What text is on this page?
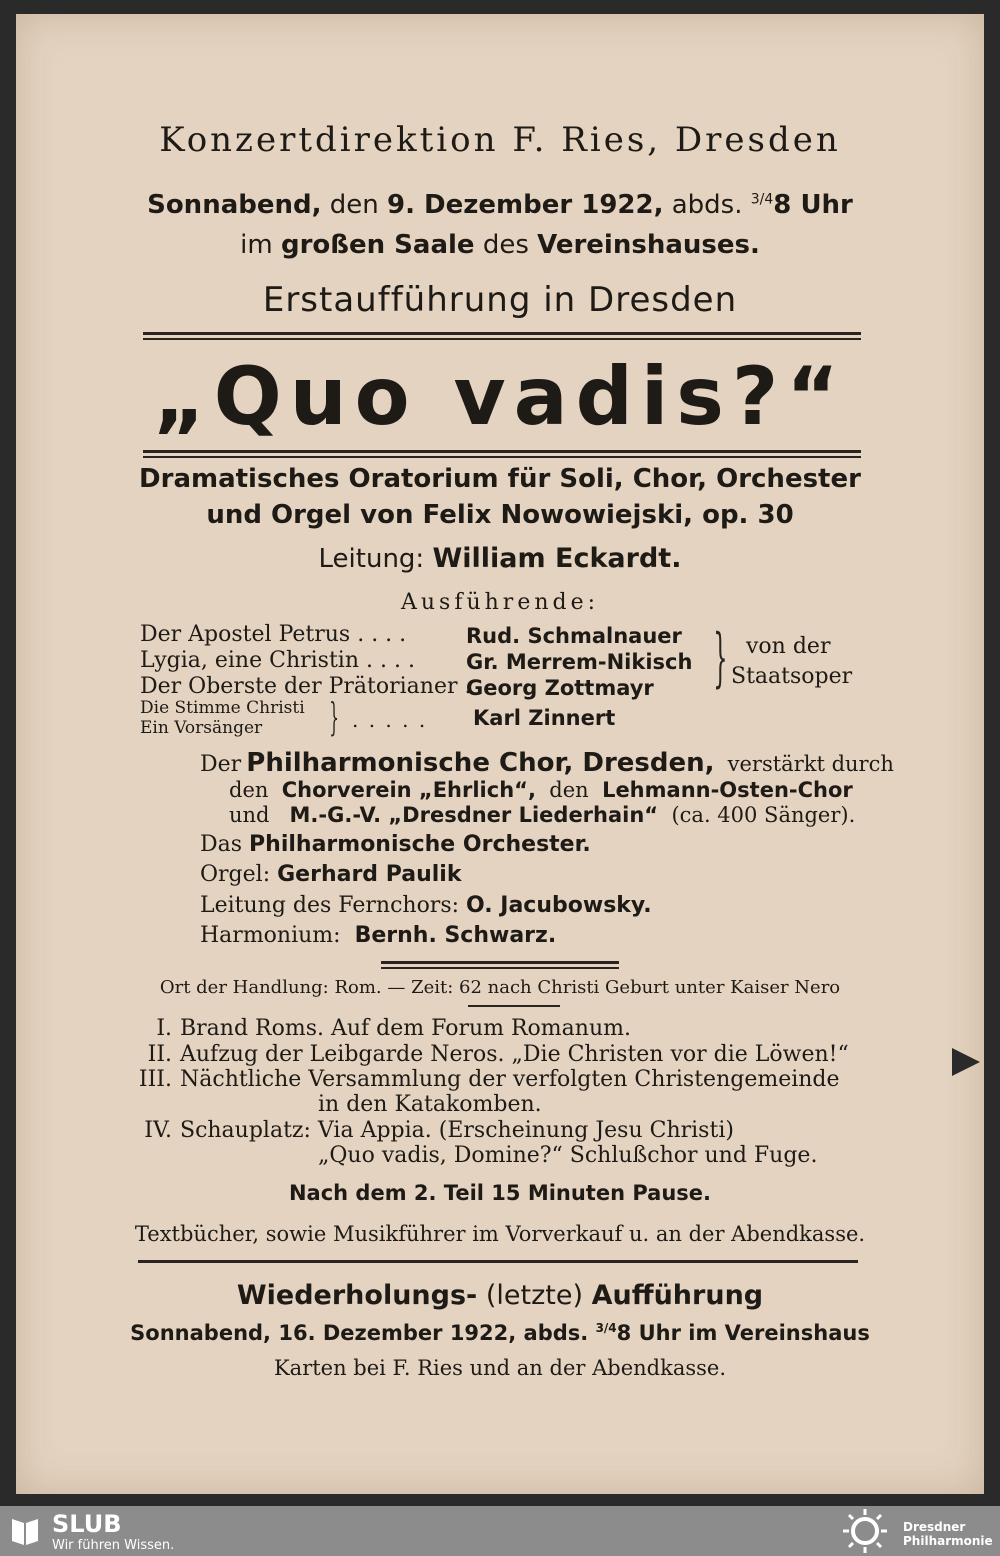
Konzertdirektion F. Ries, Dresden
Sonnabend, den 9. Dezember 1922, abds. $^{3/4}$8 Uhr
im großen Saale des Vereinshauses.
Erstaufführung in Dresden
„Quo vadis?“
Dramatisches Oratorium für Soli, Chor, Orchester
und Orgel von Felix Nowowiejski, op. 30
Leitung: William Eckardt.
Ausführende:
Der Apostel Petrus . . . .	Rud. Schmalnauer
Lygia, eine Christin . . . . Gr. Merrem-Nikisch
Der Oberste der Prätorianer .
Georg Zottmayr } von der
Staatsoper
Die Stimme Christi
Ein Vorsänger } . . . . . Karl Zinnert
Der Philharmonische Chor, Dresden, verstärkt durch
den Chorverein „Ehrlich“, den Lehmann-Osten-Chor
und M.-G.-V. „Dresdner Liederhain“ (ca. 400 Sänger).
Das Philharmonische Orchester.
Orgel: Gerhard Paulik
Leitung des Fernchors: O. Jacubowsky.
Harmonium: Bernh. Schwarz.
Ort der Handlung: Rom. — Zeit: 62 nach Christi Geburt unter Kaiser Nero
I. Brand Roms. Auf dem Forum Romanum.
II. Aufzug der Leibgarde Neros. „Die Christen vor die Löwen!“
III. Nächtliche Versammlung der verfolgten Christengemeinde
in den Katakomben.
IV. Schauplatz: Via Appia. (Erscheinung Jesu Christi)
„Quo vadis, Domine?“ Schlußchor und Fuge.
Nach dem 2. Teil 15 Minuten Pause.
Textbücher, sowie Musikführer im Vorverkauf u. an der Abendkasse.
Wiederholungs- (letzte) Aufführung
Sonnabend, 16. Dezember 1922, abds. $^{3/4}$8 Uhr im Vereinshaus
Karten bei F. Ries und an der Abendkasse.
SLUB
Wir führen Wissen.
Dresdner
Philharmonie
